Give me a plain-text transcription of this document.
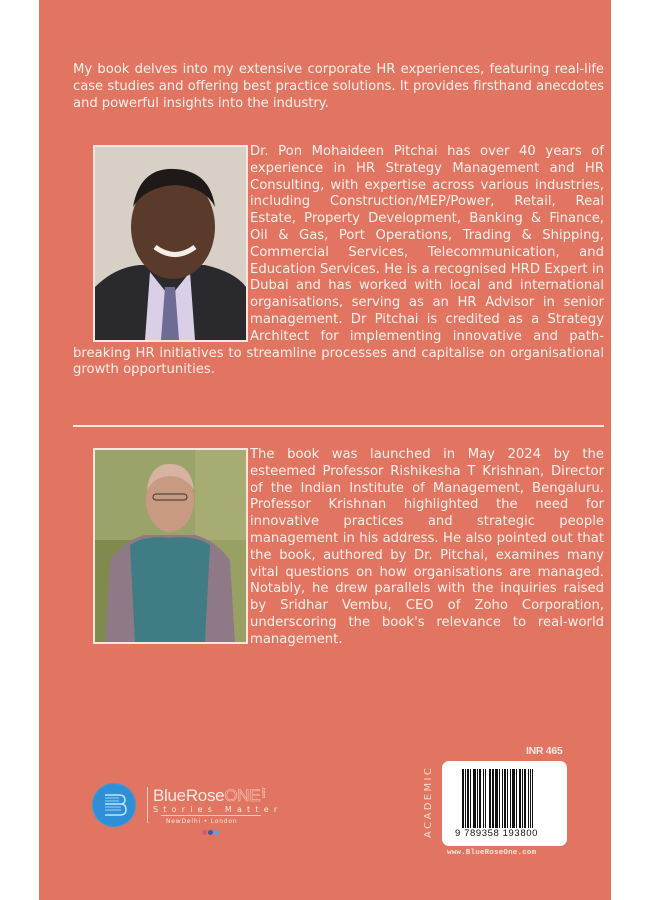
My book delves into my extensive corporate HR experiences, featuring real-life case studies and offering best practice solutions. It provides firsthand anecdotes and powerful insights into the industry.
Dr. Pon Mohaideen Pitchai has over 40 years of experience in HR Strategy Management and HR Consulting, with expertise across various industries, including Construction/MEP/Power, Retail, Real Estate, Property Development, Banking & Finance, Oil & Gas, Port Operations, Trading & Shipping, Commercial Services, Telecommunication, and Education Services. He is a recognised HRD Expert in Dubai and has worked with local and international organisations, serving as an HR Advisor in senior management. Dr Pitchai is credited as a Strategy Architect for implementing innovative and path-breaking HR initiatives to streamline processes and capitalise on organisational growth opportunities.
The book was launched in May 2024 by the esteemed Professor Rishikesha T Krishnan, Director of the Indian Institute of Management, Bengaluru. Professor Krishnan highlighted the need for innovative practices and strategic people management in his address. He also pointed out that the book, authored by Dr. Pitchai, examines many vital questions on how organisations are managed. Notably, he drew parallels with the inquiries raised by Sridhar Vembu, CEO of Zoho Corporation, underscoring the book's relevance to real-world management.
BlueRoseONE .com
Stories Matter
NewDelhi • London
INR 465
ACADEMIC 9 789358 193800
www.BlueRoseOne.com
